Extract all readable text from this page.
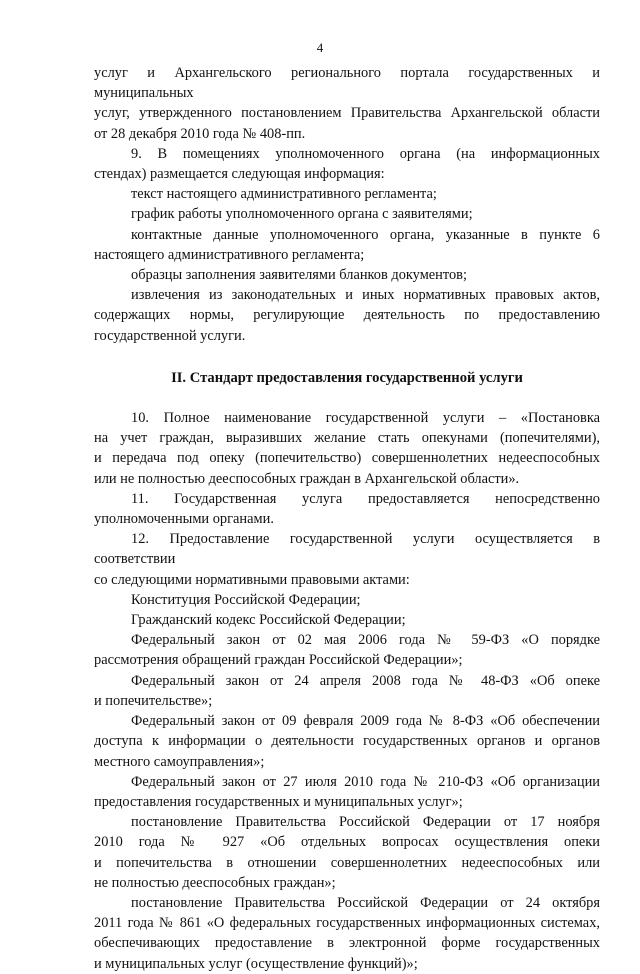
4

услуг и Архангельского регионального портала государственных и муниципальных

услуг, утвержденного постановлением Правительства Архангельской области

от 28 декабря 2010 года № 408-пп.

9. В помещениях уполномоченного органа (на информационных

стендах) размещается следующая информация:

текст настоящего административного регламента;

график работы уполномоченного органа с заявителями;

контактные данные уполномоченного органа, указанные в пункте 6

настоящего административного регламента;

образцы заполнения заявителями бланков документов;

извлечения из законодательных и иных нормативных правовых актов,

содержащих нормы, регулирующие деятельность по предоставлению

государственной услуги.

II. Стандарт предоставления государственной услуги

10. Полное наименование государственной услуги – «Постановка

на учет граждан, выразивших желание стать опекунами (попечителями),

и передача под опеку (попечительство) совершеннолетних недееспособных

или не полностью дееспособных граждан в Архангельской области».

11. Государственная услуга предоставляется непосредственно

уполномоченными органами.

12. Предоставление государственной услуги осуществляется в соответствии

со следующими нормативными правовыми актами:

Конституция Российской Федерации;

Гражданский кодекс Российской Федерации;

Федеральный закон от 02 мая 2006 года № 59-ФЗ «О порядке

рассмотрения обращений граждан Российской Федерации»;

Федеральный закон от 24 апреля 2008 года № 48-ФЗ «Об опеке

и попечительстве»;

Федеральный закон от 09 февраля 2009 года № 8-ФЗ «Об обеспечении

доступа к информации о деятельности государственных органов и органов

местного самоуправления»;

Федеральный закон от 27 июля 2010 года № 210-ФЗ «Об организации

предоставления государственных и муниципальных услуг»;

постановление Правительства Российской Федерации от 17 ноября

2010 года № 927 «Об отдельных вопросах осуществления опеки

и попечительства в отношении совершеннолетних недееспособных или

не полностью дееспособных граждан»;

постановление Правительства Российской Федерации от 24 октября

2011 года № 861 «О федеральных государственных информационных системах,

обеспечивающих предоставление в электронной форме государственных

и муниципальных услуг (осуществление функций)»;
